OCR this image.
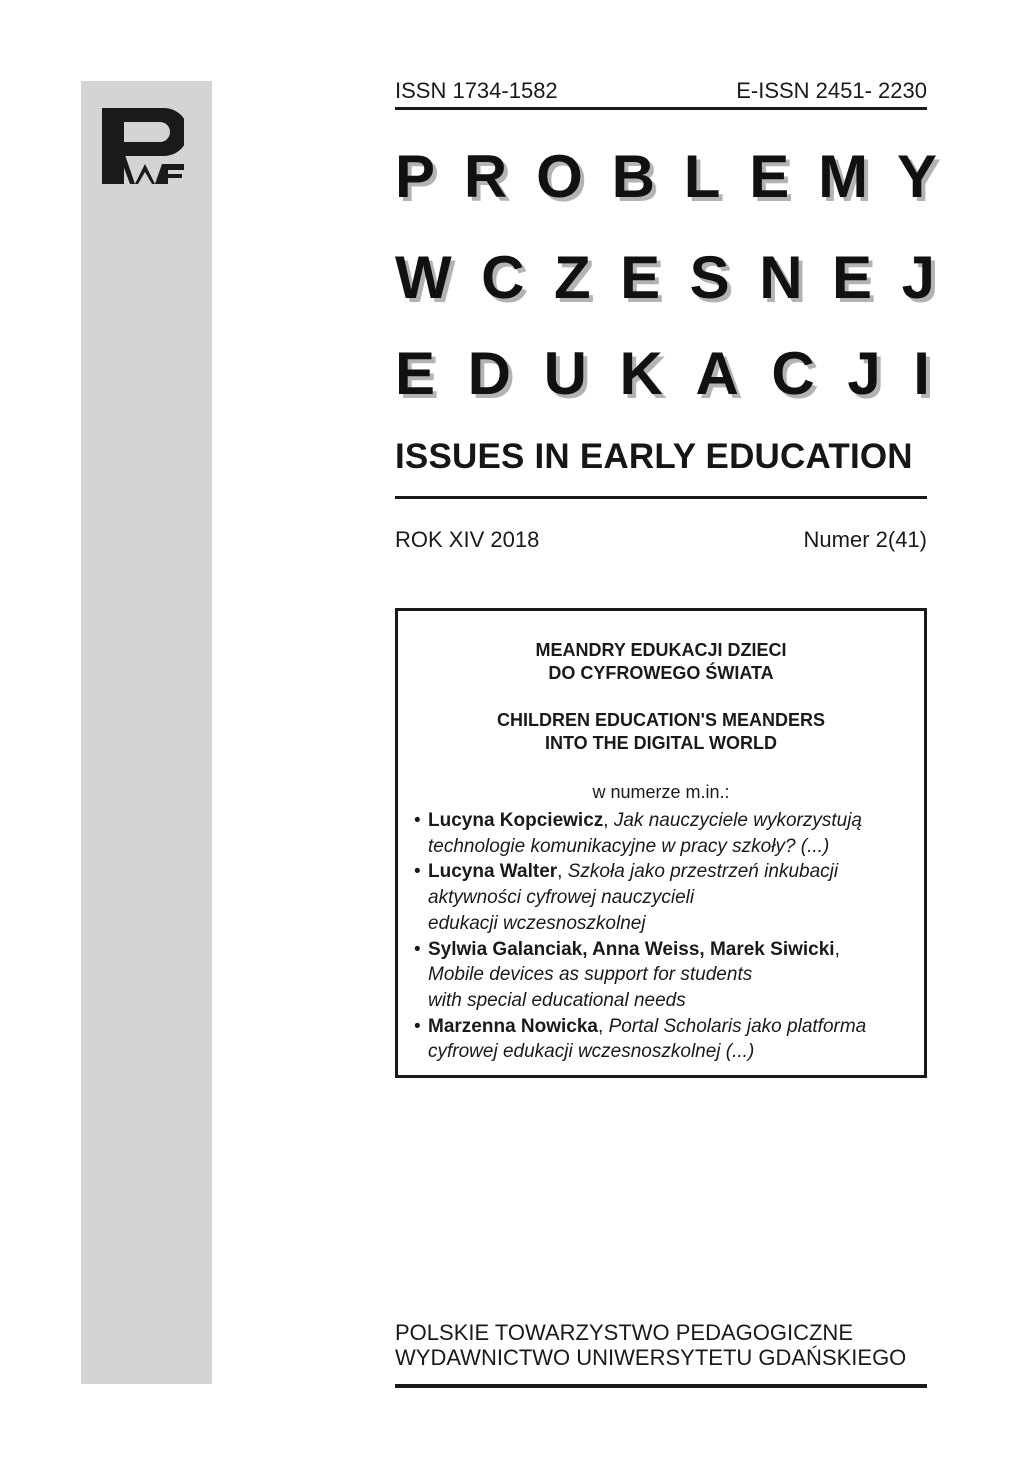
ISSN 1734-1582	E-ISSN 2451- 2230
P R O B L E M Y
W C Z E S N E J
E D U K A C J I
ISSUES IN EARLY EDUCATION
ROK XIV 2018	Numer 2(41)
MEANDRY EDUKACJI DZIECI
DO CYFROWEGO ŚWIATA
CHILDREN EDUCATION'S MEANDERS
INTO THE DIGITAL WORLD
w numerze m.in.:
• Lucyna Kopciewicz, Jak nauczyciele wykorzystują
technologie komunikacyjne w pracy szkoły? (...)
• Lucyna Walter, Szkoła jako przestrzeń inkubacji
aktywności cyfrowej nauczycieli
edukacji wczesnoszkolnej
• Sylwia Galanciak, Anna Weiss, Marek Siwicki,
Mobile devices as support for students
with special educational needs
• Marzenna Nowicka, Portal Scholaris jako platforma
cyfrowej edukacji wczesnoszkolnej (...)
POLSKIE TOWARZYSTWO PEDAGOGICZNE
WYDAWNICTWO UNIWERSYTETU GDAŃSKIEGO
